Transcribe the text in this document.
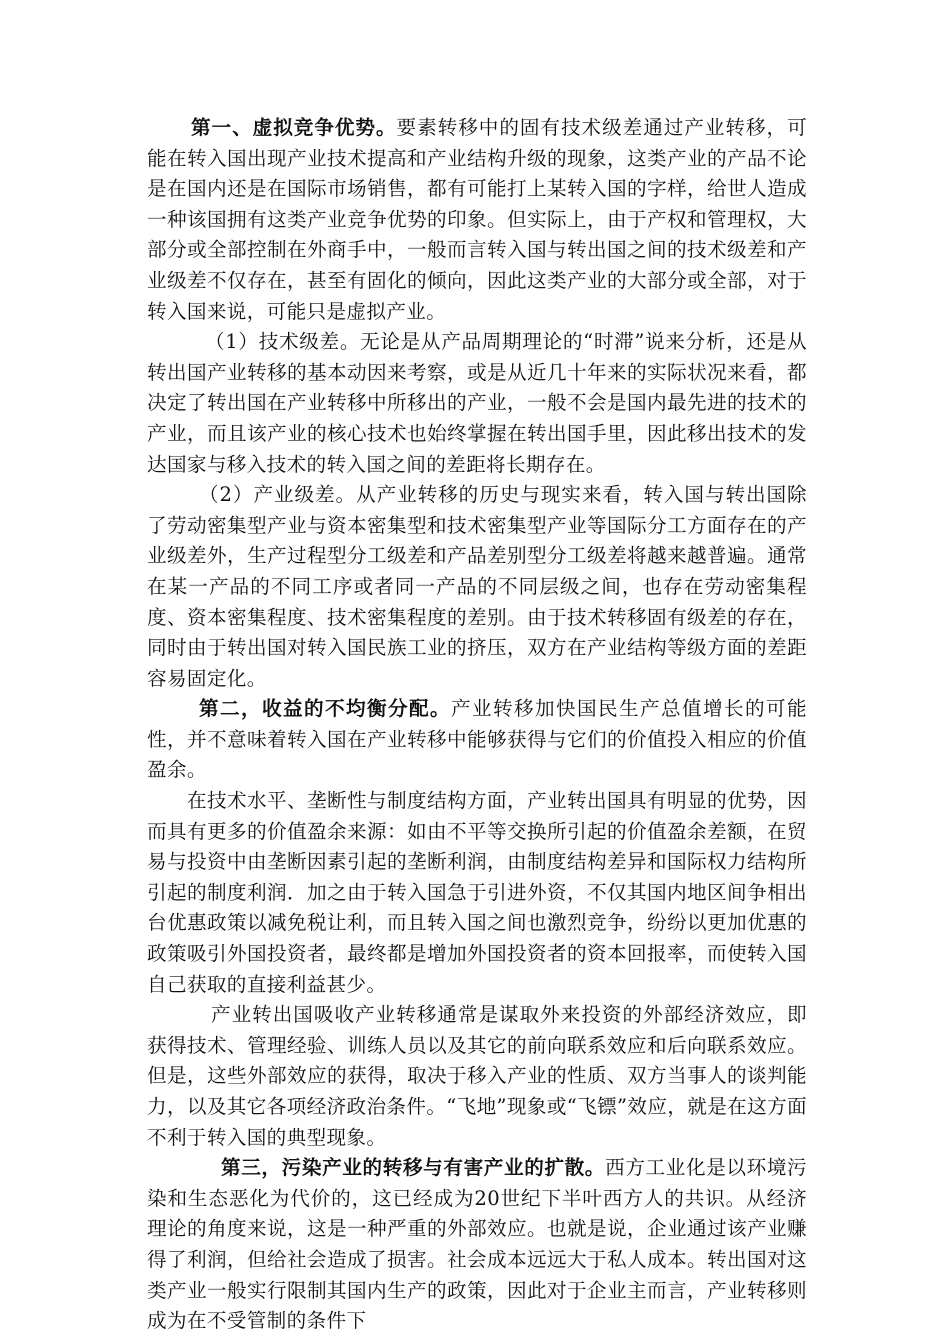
第一、虚拟竞争优势。要素转移中的固有技术级差通过产业转移，可能在转入国出现产业技术提高和产业结构升级的现象，这类产业的产品不论是在国内还是在国际市场销售，都有可能打上某转入国的字样，给世人造成一种该国拥有这类产业竞争优势的印象。但实际上，由于产权和管理权，大部分或全部控制在外商手中，一般而言转入国与转出国之间的技术级差和产业级差不仅存在，甚至有固化的倾向，因此这类产业的大部分或全部，对于转入国来说，可能只是虚拟产业。

（1）技术级差。无论是从产品周期理论的“时滞”说来分析，还是从转出国产业转移的基本动因来考察，或是从近几十年来的实际状况来看，都决定了转出国在产业转移中所移出的产业，一般不会是国内最先进的技术的产业，而且该产业的核心技术也始终掌握在转出国手里，因此移出技术的发达国家与移入技术的转入国之间的差距将长期存在。

（2）产业级差。从产业转移的历史与现实来看，转入国与转出国除了劳动密集型产业与资本密集型和技术密集型产业等国际分工方面存在的产业级差外，生产过程型分工级差和产品差别型分工级差将越来越普遍。通常在某一产品的不同工序或者同一产品的不同层级之间，也存在劳动密集程度、资本密集程度、技术密集程度的差别。由于技术转移固有级差的存在，同时由于转出国对转入国民族工业的挤压，双方在产业结构等级方面的差距容易固定化。

第二，收益的不均衡分配。产业转移加快国民生产总值增长的可能性，并不意味着转入国在产业转移中能够获得与它们的价值投入相应的价值盈余。

在技术水平、垄断性与制度结构方面，产业转出国具有明显的优势，因而具有更多的价值盈余来源：如由不平等交换所引起的价值盈余差额，在贸易与投资中由垄断因素引起的垄断利润，由制度结构差异和国际权力结构所引起的制度利润．加之由于转入国急于引进外资，不仅其国内地区间争相出台优惠政策以减免税让利，而且转入国之间也激烈竞争，纷纷以更加优惠的政策吸引外国投资者，最终都是增加外国投资者的资本回报率，而使转入国自己获取的直接利益甚少。

产业转出国吸收产业转移通常是谋取外来投资的外部经济效应，即获得技术、管理经验、训练人员以及其它的前向联系效应和后向联系效应。但是，这些外部效应的获得，取决于移入产业的性质、双方当事人的谈判能力，以及其它各项经济政治条件。“飞地”现象或“飞镖”效应，就是在这方面不利于转入国的典型现象。

第三，污染产业的转移与有害产业的扩散。西方工业化是以环境污染和生态恶化为代价的，这已经成为20世纪下半叶西方人的共识。从经济理论的角度来说，这是一种严重的外部效应。也就是说，企业通过该产业赚得了利润，但给社会造成了损害。社会成本远远大于私人成本。转出国对这类产业一般实行限制其国内生产的政策，因此对于企业主而言，产业转移则成为在不受管制的条件下
